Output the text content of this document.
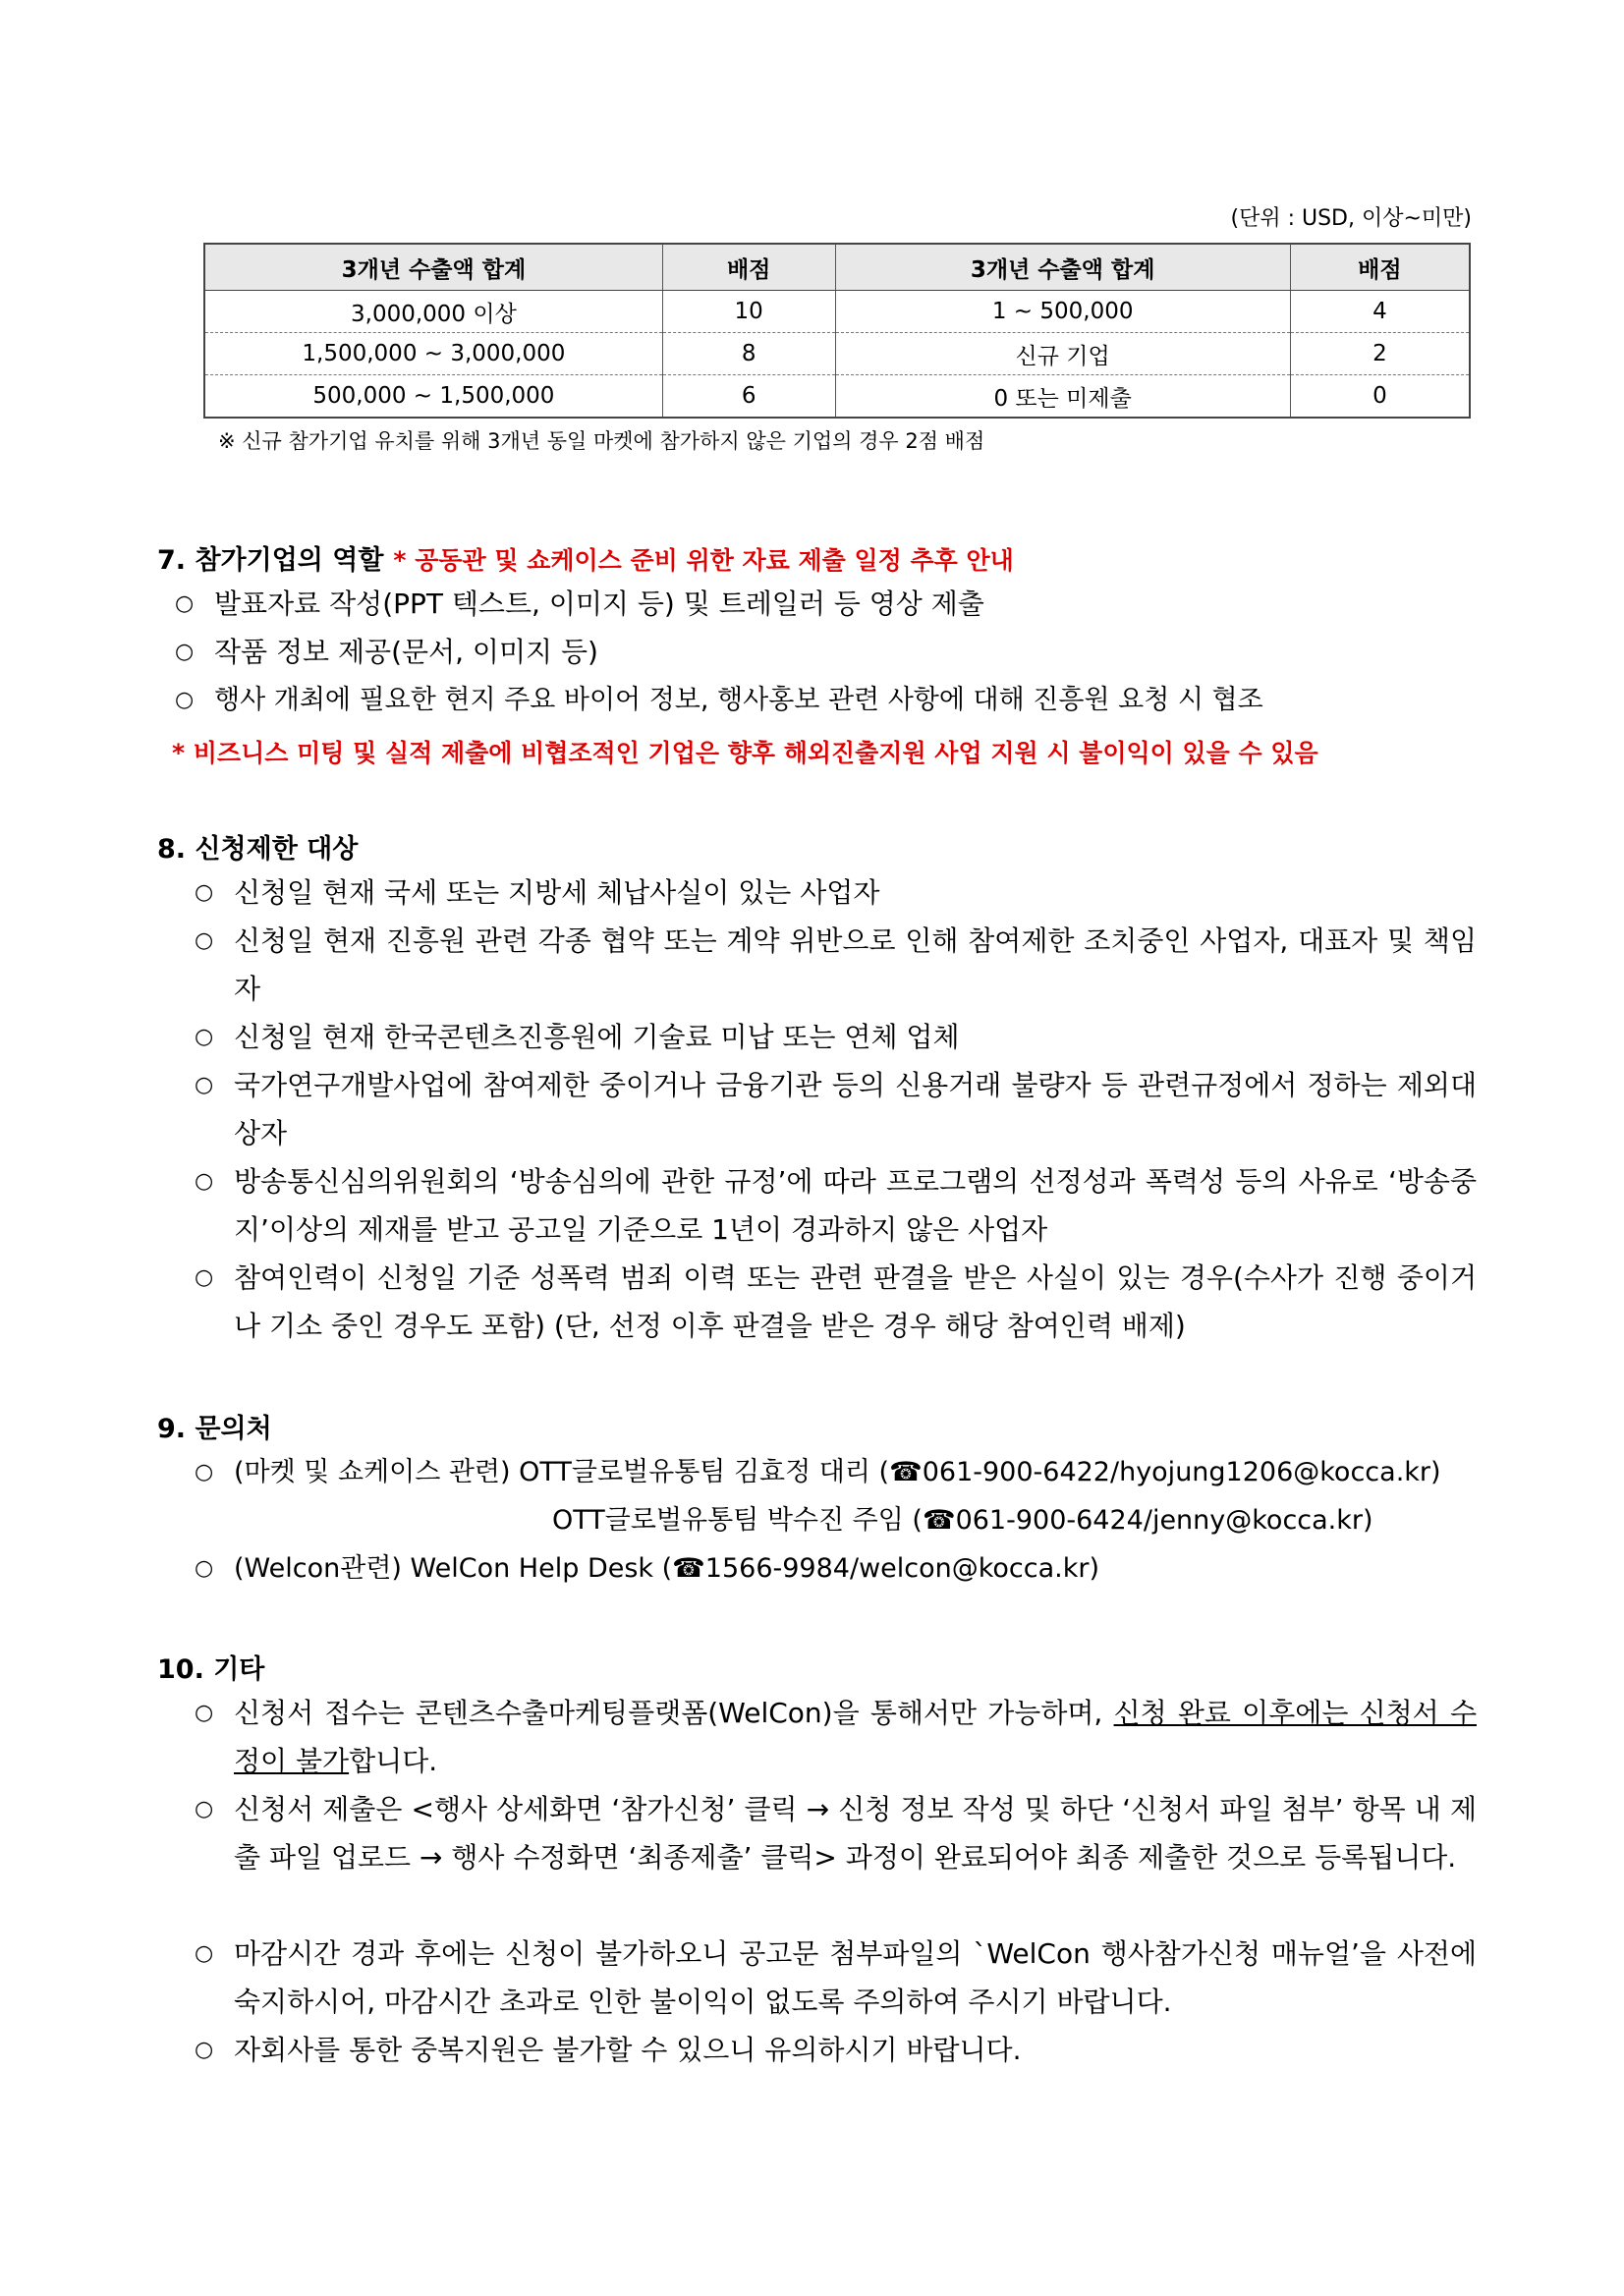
(단위 : USD, 이상~미만)
3개년 수출액 합계	배점	3개년 수출액 합계	배점
3,000,000 이상	10	1 ~ 500,000	4
1,500,000 ~ 3,000,000	8	신규 기업	2
500,000 ~ 1,500,000	6	0 또는 미제출	0
※ 신규 참가기업 유치를 위해 3개년 동일 마켓에 참가하지 않은 기업의 경우 2점 배점
7. 참가기업의 역할 * 공동관 및 쇼케이스 준비 위한 자료 제출 일정 추후 안내
○ 발표자료 작성(PPT 텍스트, 이미지 등) 및 트레일러 등 영상 제출
○ 작품 정보 제공(문서, 이미지 등)
○ 행사 개최에 필요한 현지 주요 바이어 정보, 행사홍보 관련 사항에 대해 진흥원 요청 시 협조
* 비즈니스 미팅 및 실적 제출에 비협조적인 기업은 향후 해외진출지원 사업 지원 시 불이익이 있을 수 있음
8. 신청제한 대상
○ 신청일 현재 국세 또는 지방세 체납사실이 있는 사업자
○ 신청일 현재 진흥원 관련 각종 협약 또는 계약 위반으로 인해 참여제한 조치중인 사업자, 대표자 및 책임자
○ 신청일 현재 한국콘텐츠진흥원에 기술료 미납 또는 연체 업체
○ 국가연구개발사업에 참여제한 중이거나 금융기관 등의 신용거래 불량자 등 관련규정에서 정하는 제외대상자
○ 방송통신심의위원회의 ‘방송심의에 관한 규정’에 따라 프로그램의 선정성과 폭력성 등의 사유로 ‘방송중지’이상의 제재를 받고 공고일 기준으로 1년이 경과하지 않은 사업자
○ 참여인력이 신청일 기준 성폭력 범죄 이력 또는 관련 판결을 받은 사실이 있는 경우(수사가 진행 중이거나 기소 중인 경우도 포함) (단, 선정 이후 판결을 받은 경우 해당 참여인력 배제)
9. 문의처
○ (마켓 및 쇼케이스 관련) OTT글로벌유통팀 김효정 대리 (☎061-900-6422/hyojung1206@kocca.kr)
OTT글로벌유통팀 박수진 주임 (☎061-900-6424/jenny@kocca.kr)
○ (Welcon관련) WelCon Help Desk (☎1566-9984/welcon@kocca.kr)
10. 기타
○ 신청서 접수는 콘텐츠수출마케팅플랫폼(WelCon)을 통해서만 가능하며, 신청 완료 이후에는 신청서 수정이 불가합니다.
○ 신청서 제출은 <행사 상세화면 ‘참가신청’ 클릭 → 신청 정보 작성 및 하단 ‘신청서 파일 첨부’ 항목 내 제출 파일 업로드 → 행사 수정화면 ‘최종제출’ 클릭> 과정이 완료되어야 최종 제출한 것으로 등록됩니다.
○ 마감시간 경과 후에는 신청이 불가하오니 공고문 첨부파일의 `WelCon 행사참가신청 매뉴얼’을 사전에 숙지하시어, 마감시간 초과로 인한 불이익이 없도록 주의하여 주시기 바랍니다.
○ 자회사를 통한 중복지원은 불가할 수 있으니 유의하시기 바랍니다.
